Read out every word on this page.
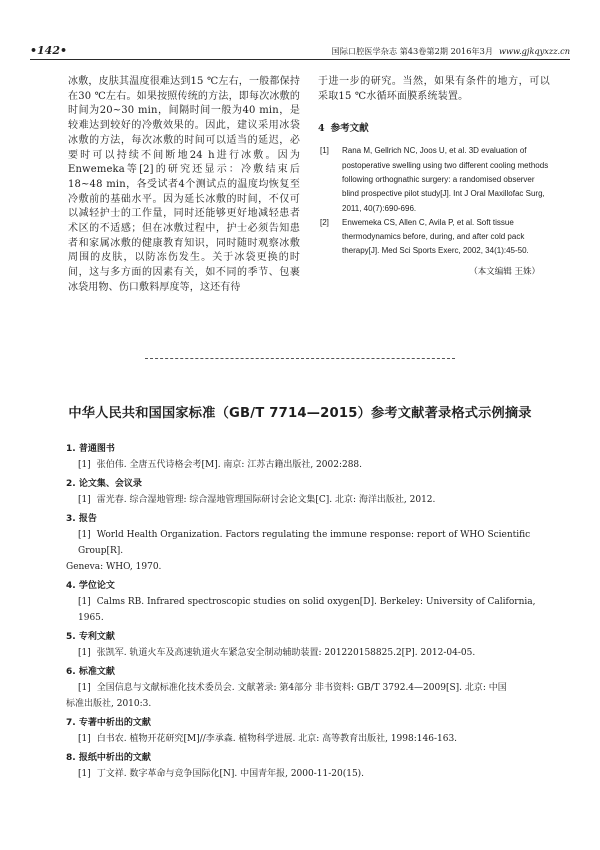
•142•	国际口腔医学杂志 第43卷第2期 2016年3月 www.gjkqyxzz.cn

冰敷，皮肤其温度很难达到15 ℃左右，一般都保持在30 ℃左右。如果按照传统的方法，即每次冰敷的时间为20~30 min，间隔时间一般为40 min，是较难达到较好的冷敷效果的。因此，建议采用冰袋冰敷的方法，每次冰敷的时间可以适当的延迟，必要时可以持续不间断地24 h进行冰敷。因为Enwemeka等[2]的研究还显示：冷敷结束后18~48 min，各受试者4个测试点的温度均恢复至冷敷前的基础水平。因为延长冰敷的时间，不仅可以减轻护士的工作量，同时还能够更好地减轻患者术区的不适感；但在冰敷过程中，护士必须告知患者和家属冰敷的健康教育知识，同时随时观察冰敷周围的皮肤，以防冻伤发生。关于冰袋更换的时间，这与多方面的因素有关，如不同的季节、包裹冰袋用物、伤口敷料厚度等，这还有待

于进一步的研究。当然，如果有条件的地方，可以采取15 ℃水循环面膜系统装置。

4 参考文献
[1]	Rana M, Gellrich NC, Joos U, et al. 3D evaluation of postoperative swelling using two different cooling methods following orthognathic surgery: a randomised observer blind prospective pilot study[J]. Int J Oral Maxillofac Surg, 2011, 40(7):690-696.
[2]	Enwemeka CS, Allen C, Avila P, et al. Soft tissue thermodynamics before, during, and after cold pack therapy[J]. Med Sci Sports Exerc, 2002, 34(1):45-50.
（本文编辑 王姝）
中华人民共和国国家标准（GB/T 7714—2015）参考文献著录格式示例摘录
1. 普通图书
[1] 张伯伟. 全唐五代诗格会考[M]. 南京: 江苏古籍出版社, 2002:288.
2. 论文集、会议录
[1] 雷光春. 综合湿地管理: 综合湿地管理国际研讨会论文集[C]. 北京: 海洋出版社, 2012.
3. 报告
[1] World Health Organization. Factors regulating the immune response: report of WHO Scientific Group[R].
Geneva: WHO, 1970.
4. 学位论文
[1] Calms RB. Infrared spectroscopic studies on solid oxygen[D]. Berkeley: University of California, 1965.
5. 专利文献
[1] 张凯军. 轨道火车及高速轨道火车紧急安全制动辅助装置: 201220158825.2[P]. 2012-04-05.
6. 标准文献
[1] 全国信息与文献标准化技术委员会. 文献著录: 第4部分 非书资料: GB/T 3792.4—2009[S]. 北京: 中国
标准出版社, 2010:3.
7. 专著中析出的文献
[1] 白书农. 植物开花研究[M]//李承森. 植物科学进展. 北京: 高等教育出版社, 1998:146-163.
8. 报纸中析出的文献
[1] 丁文祥. 数字革命与竞争国际化[N]. 中国青年报, 2000-11-20(15).
